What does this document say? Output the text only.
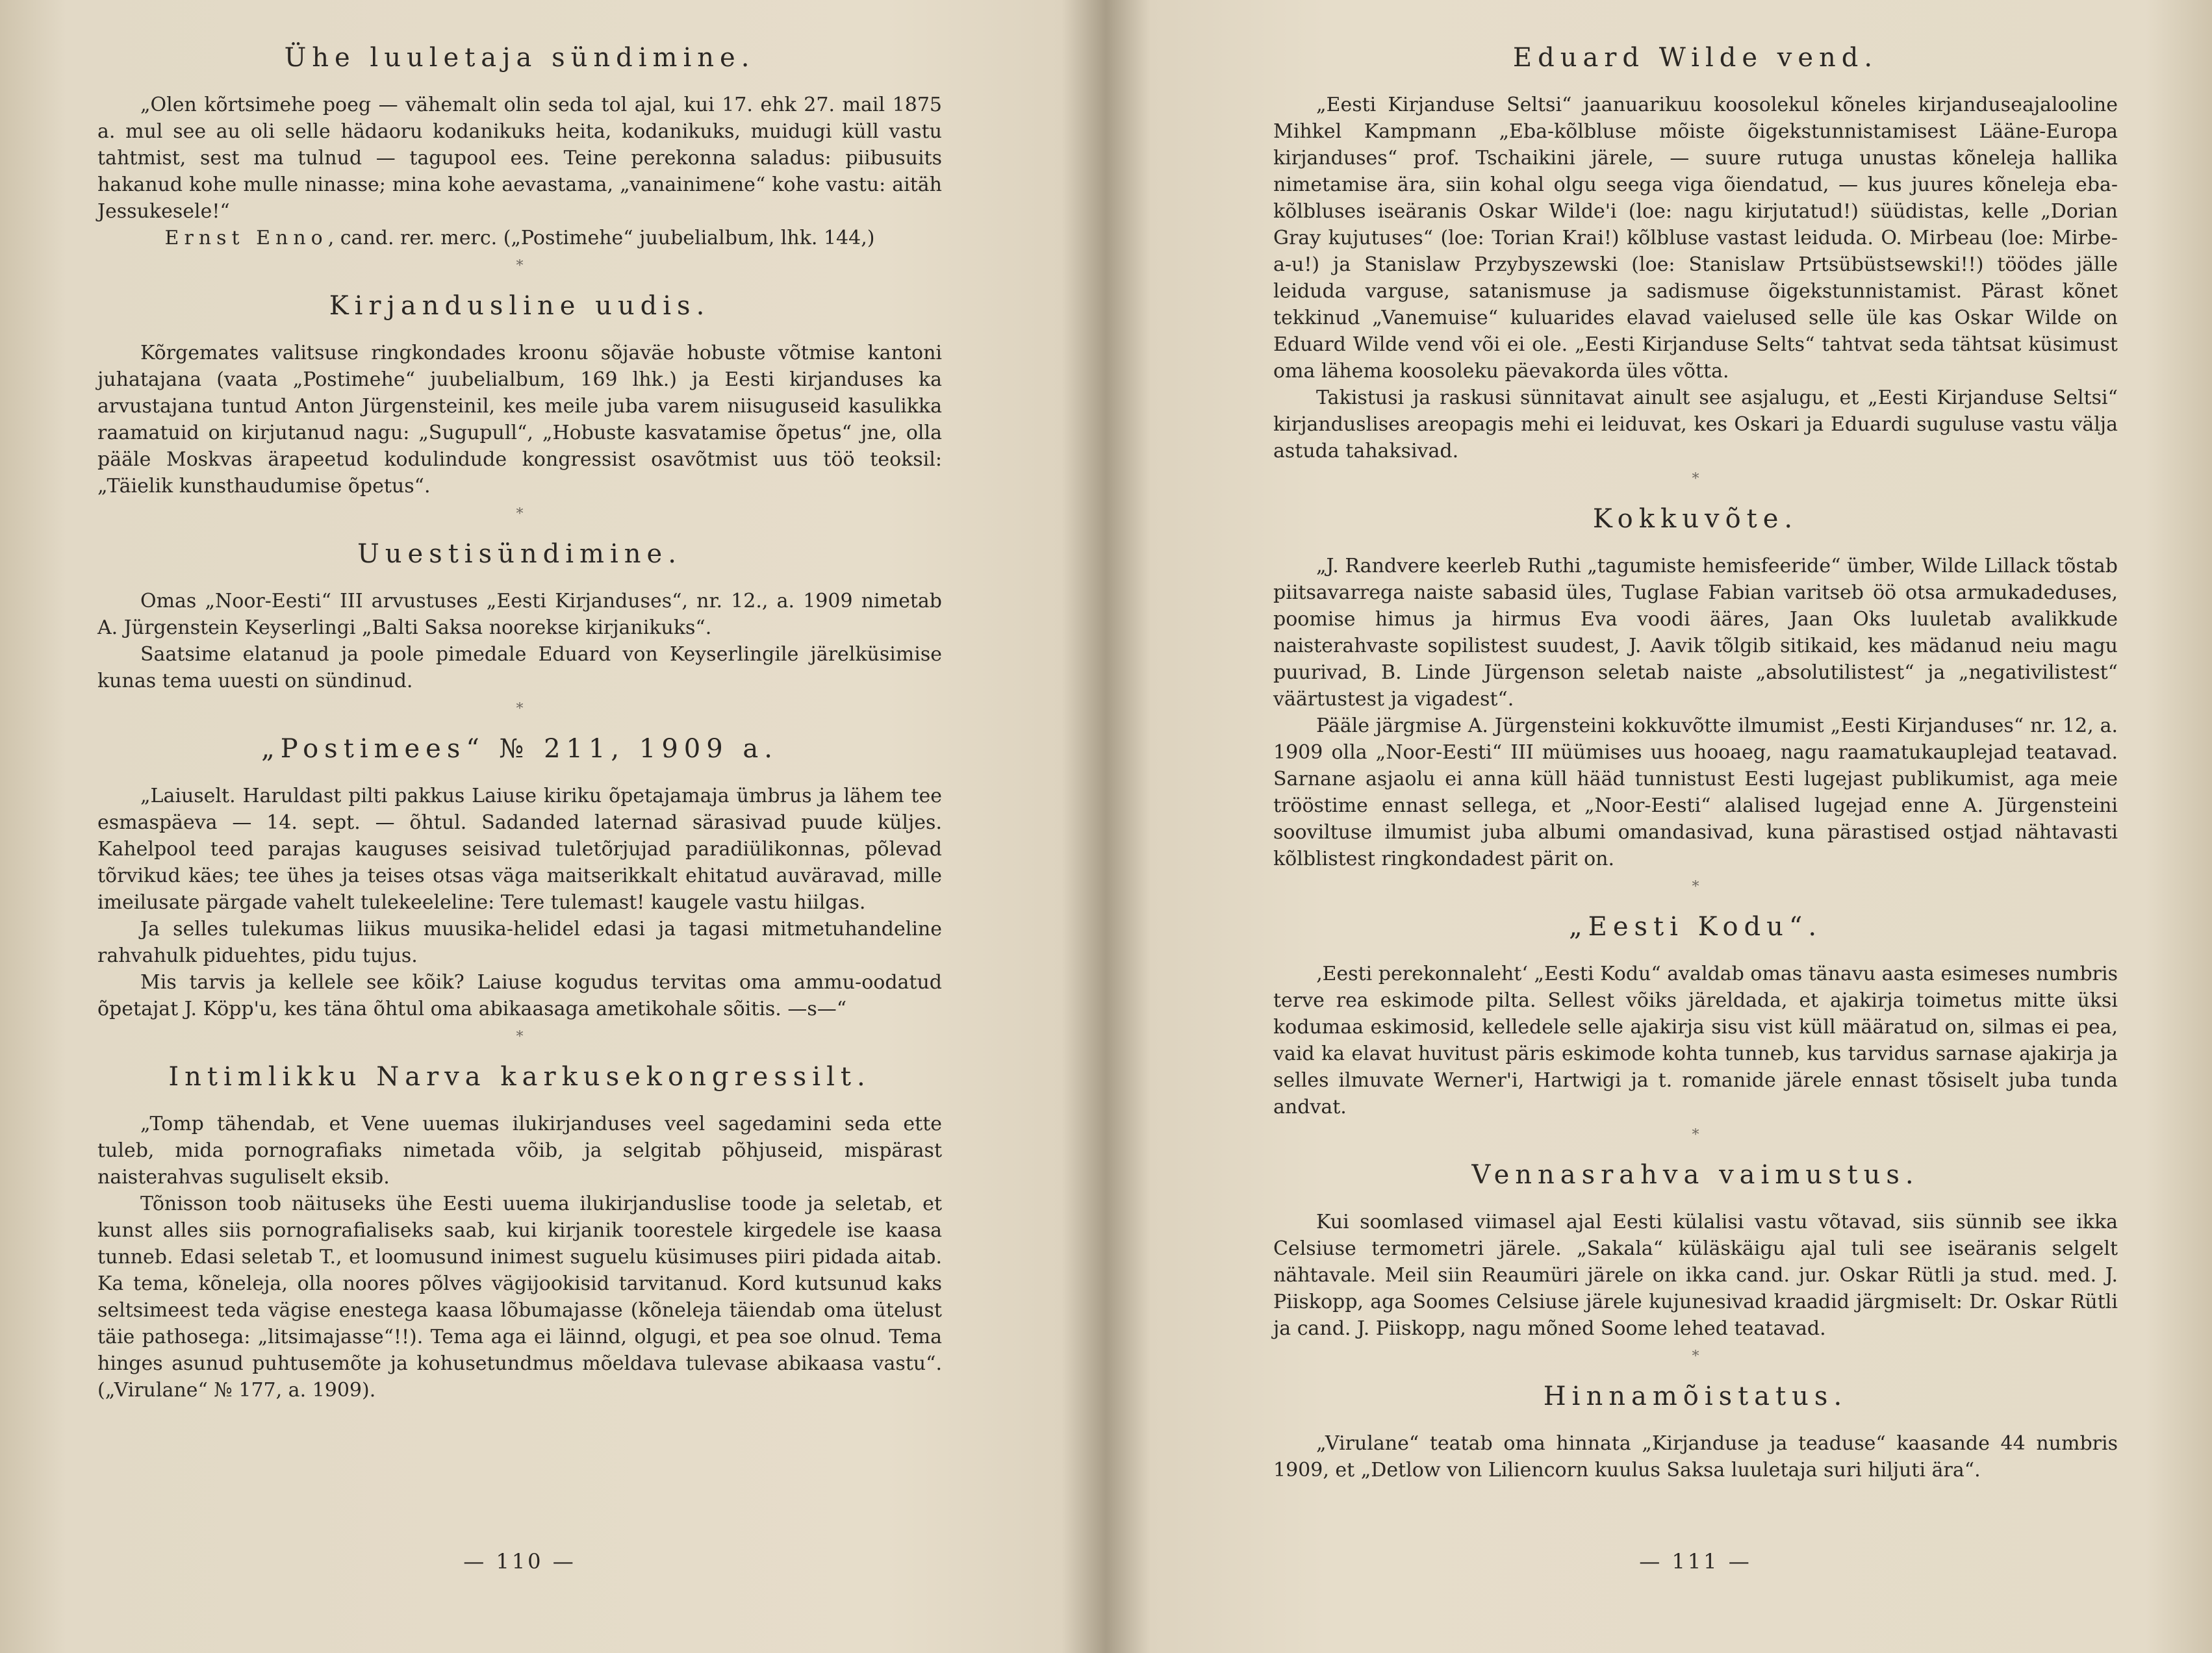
Ühe luuletaja sündimine.

„Olen kõrtsimehe poeg — vähemalt olin seda tol ajal, kui 17. ehk 27. mail 1875 a. mul see au oli selle hädaoru kodanikuks heita, kodanikuks, muidugi küll vastu tahtmist, sest ma tulnud — tagupool ees. Teine perekonna saladus: piibusuits hakanud kohe mulle ninasse; mina kohe aevastama, „vanainimene“ kohe vastu: aitäh Jessukesele!“

Ernst Enno, cand. rer. merc. („Postimehe“ juubelialbum, lhk. 144,)

*
Kirjandusline uudis.

Kõrgemates valitsuse ringkondades kroonu sõjaväe hobuste võtmise kantoni juhatajana (vaata „Postimehe“ juubelialbum, 169 lhk.) ja Eesti kirjanduses ka arvustajana tuntud Anton Jürgensteinil, kes meile juba varem niisuguseid kasulikka raamatuid on kirjutanud nagu: „Sugupull“, „Hobuste kasvatamise õpetus“ jne, olla pääle Moskvas ärapeetud kodulindude kongressist osavõtmist uus töö teoksil: „Täielik kunsthaudumise õpetus“.

*
Uuestisündimine.

Omas „Noor-Eesti“ III arvustuses „Eesti Kirjanduses“, nr. 12., a. 1909 nimetab A. Jürgenstein Keyserlingi „Balti Saksa noorekse kirjanikuks“.

Saatsime elatanud ja poole pimedale Eduard von Keyserlingile järelküsimise kunas tema uuesti on sündinud.

*
„Postimees“ № 211, 1909 a.

„Laiuselt. Haruldast pilti pakkus Laiuse kiriku õpetajamaja ümbrus ja lähem tee esmaspäeva — 14. sept. — õhtul. Sadanded laternad särasivad puude küljes. Kahelpool teed parajas kauguses seisivad tuletõrjujad paradiülikonnas, põlevad tõrvikud käes; tee ühes ja teises otsas väga maitserikkalt ehitatud auväravad, mille imeilusate pärgade vahelt tulekeeleline: Tere tulemast! kaugele vastu hiilgas.

Ja selles tulekumas liikus muusika-helidel edasi ja tagasi mitmetuhandeline rahvahulk piduehtes, pidu tujus.

Mis tarvis ja kellele see kõik? Laiuse kogudus tervitas oma ammu-oodatud õpetajat J. Köpp'u, kes täna õhtul oma abikaasaga ametikohale sõitis. —s—“

*
Intimlikku Narva karkusekongressilt.

„Tomp tähendab, et Vene uuemas ilukirjanduses veel sagedamini seda ette tuleb, mida pornografiaks nimetada võib, ja selgitab põhjuseid, mispärast naisterahvas suguliselt eksib.

Tõnisson toob näituseks ühe Eesti uuema ilukirjanduslise toode ja seletab, et kunst alles siis pornografialiseks saab, kui kirjanik toorestele kirgedele ise kaasa tunneb. Edasi seletab T., et loomusund inimest suguelu küsimuses piiri pidada aitab. Ka tema, kõneleja, olla noores põlves vägijookisid tarvitanud. Kord kutsunud kaks seltsimeest teda vägise enestega kaasa lõbumajasse (kõneleja täiendab oma ütelust täie pathosega: „litsimajasse“!!). Tema aga ei läinnd, olgugi, et pea soe olnud. Tema hinges asunud puhtusemõte ja kohusetundmus mõeldava tulevase abikaasa vastu“. („Virulane“ № 177, a. 1909).

— 110 —
Eduard Wilde vend.

„Eesti Kirjanduse Seltsi“ jaanuarikuu koosolekul kõneles kirjanduseajalooline Mihkel Kampmann „Eba-kõlbluse mõiste õigekstunnistamisest Lääne-Europa kirjanduses“ prof. Tschaikini järele, — suure rutuga unustas kõneleja hallika nimetamise ära, siin kohal olgu seega viga õiendatud, — kus juures kõneleja eba-kõlbluses iseäranis Oskar Wilde'i (loe: nagu kirjutatud!) süüdistas, kelle „Dorian Gray kujutuses“ (loe: Torian Krai!) kõlbluse vastast leiduda. O. Mirbeau (loe: Mirbe-a-u!) ja Stanislaw Przybyszewski (loe: Stanislaw Prtsübüstsewski!!) töödes jälle leiduda varguse, satanismuse ja sadismuse õigekstunnistamist. Pärast kõnet tekkinud „Vanemuise“ kuluarides elavad vaielused selle üle kas Oskar Wilde on Eduard Wilde vend või ei ole. „Eesti Kirjanduse Selts“ tahtvat seda tähtsat küsimust oma lähema koosoleku päevakorda üles võtta.

Takistusi ja raskusi sünnitavat ainult see asjalugu, et „Eesti Kirjanduse Seltsi“ kirjanduslises areopagis mehi ei leiduvat, kes Oskari ja Eduardi suguluse vastu välja astuda tahaksivad.

*
Kokkuvõte.

„J. Randvere keerleb Ruthi „tagumiste hemisfeeride“ ümber, Wilde Lillack tõstab piitsavarrega naiste sabasid üles, Tuglase Fabian varitseb öö otsa armukadeduses, poomise himus ja hirmus Eva voodi ääres, Jaan Oks luuletab avalikkude naisterahvaste sopilistest suudest, J. Aavik tõlgib sitikaid, kes mädanud neiu magu puurivad, B. Linde Jürgenson seletab naiste „absolutilistest“ ja „negativilistest“ väärtustest ja vigadest“.

Pääle järgmise A. Jürgensteini kokkuvõtte ilmumist „Eesti Kirjanduses“ nr. 12, a. 1909 olla „Noor-Eesti“ III müümises uus hooaeg, nagu raamatukauplejad teatavad. Sarnane asjaolu ei anna küll hääd tunnistust Eesti lugejast publikumist, aga meie trööstime ennast sellega, et „Noor-Eesti“ alalised lugejad enne A. Jürgensteini sooviltuse ilmumist juba albumi omandasivad, kuna pärastised ostjad nähtavasti kõlblistest ringkondadest pärit on.

*
„Eesti Kodu“.

‚Eesti perekonnaleht‘ „Eesti Kodu“ avaldab omas tänavu aasta esimeses numbris terve rea eskimode pilta. Sellest võiks järeldada, et ajakirja toimetus mitte üksi kodumaa eskimosid, kelledele selle ajakirja sisu vist küll määratud on, silmas ei pea, vaid ka elavat huvitust päris eskimode kohta tunneb, kus tarvidus sarnase ajakirja ja selles ilmuvate Werner'i, Hartwigi ja t. romanide järele ennast tõsiselt juba tunda andvat.

*
Vennasrahva vaimustus.

Kui soomlased viimasel ajal Eesti külalisi vastu võtavad, siis sünnib see ikka Celsiuse termometri järele. „Sakala“ küläskäigu ajal tuli see iseäranis selgelt nähtavale. Meil siin Reaumüri järele on ikka cand. jur. Oskar Rütli ja stud. med. J. Piiskopp, aga Soomes Celsiuse järele kujunesivad kraadid järgmiselt: Dr. Oskar Rütli ja cand. J. Piiskopp, nagu mõned Soome lehed teatavad.

*
Hinnamõistatus.

„Virulane“ teatab oma hinnata „Kirjanduse ja teaduse“ kaasande 44 numbris 1909, et „Detlow von Liliencorn kuulus Saksa luuletaja suri hiljuti ära“.

— 111 —
